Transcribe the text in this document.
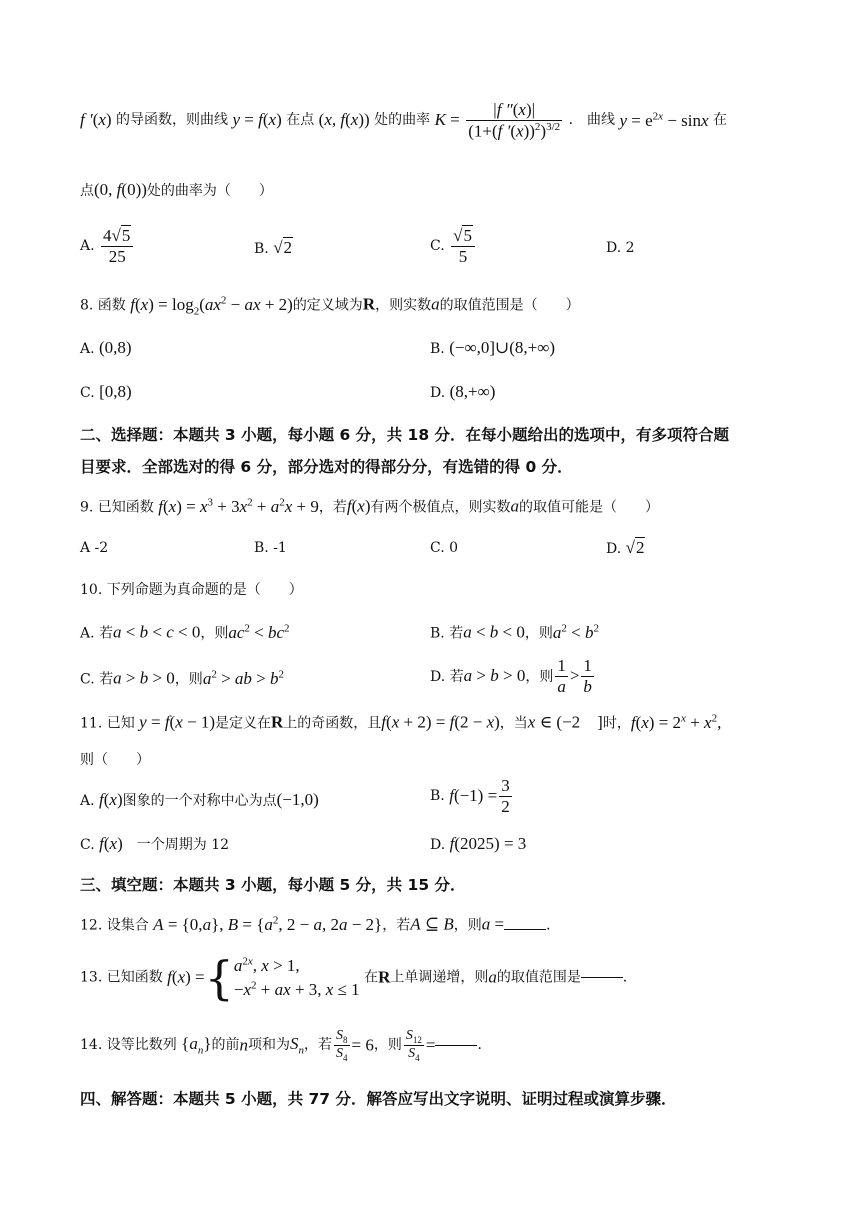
f ′(x) 的导函数，则曲线 y = f(x) 在点 (x, f(x)) 处的曲率 $K = \frac{|f ''(x)|}{(1+(f '(x))^2)^{3/2}}$ ． 曲线 $y = e^{2x} - \sin x$ 在
点(0, f(0))处的曲率为（　　）
A. $\frac{4√5}{25}$	B. √2	C. $\frac{√5}{5}$	D. 2
8. 函数 $f(x) = \log_2(ax^2$ − ax + 2)的定义域为R，则实数a的取值范围是（　　）
A. (0,8)	B. (−∞,0]∪(8,+∞)
C. [0,8)	D. (8,+∞)
二、选择题：本题共 3 小题，每小题 6 分，共 18 分．在每小题给出的选项中，有多项符合题
目要求．全部选对的得 6 分，部分选对的得部分分，有选错的得 0 分．
9. 已知函数 $f(x) = x^3 + 3x^2 + a^2x + 9$，若f(x)有两个极值点，则实数a的取值可能是（　　）
A -2	B. -1	C. 0	D. √2
10. 下列命题为真命题的是（　　）
A. 若a < b < c < 0，则$ac^2 < bc^2$	B. 若a < b < 0，则$a^2 < b^2$
C. 若a > b > 0，则$a^2$ > ab > $b^2$	D. 若a > b > 0，则 $\frac{1}{a} > \frac{1}{b}$
11. 已知 y = f(x − 1)是定义在R上的奇函数，且f(x + 2) = f(2 − x)，当x ∈ (−2　]时，$f(x) = 2^x + x^2$,
则（　　）
A. f(x)图象的一个对称中心为点(−1,0)	B. $f(-1) = \frac{3}{2}$
C. f(x)　一个周期为 12	D. f(2025) = 3
三、填空题：本题共 3 小题，每小题 5 分，共 15 分．
12. 设集合 A = {0,a}, $B = \{a^2$, 2 − a, 2a − 2}，若A ⊆ B，则a =	．
13. 已知函数 f(x) ={ $a^{2x}$, x > 1,
$-x^2$ + ax + 3, x ≤ 1
在R上单调递增，则a的取值范围是	．
14. 设等比数列 $\{a_n\}$的前n项和为$S_n$，若 $\frac{S_8}{S_4} = 6$，则 $\frac{S_{12}}{S_4}$ =	．
四、解答题：本题共 5 小题，共 77 分．解答应写出文字说明、证明过程或演算步骤．
